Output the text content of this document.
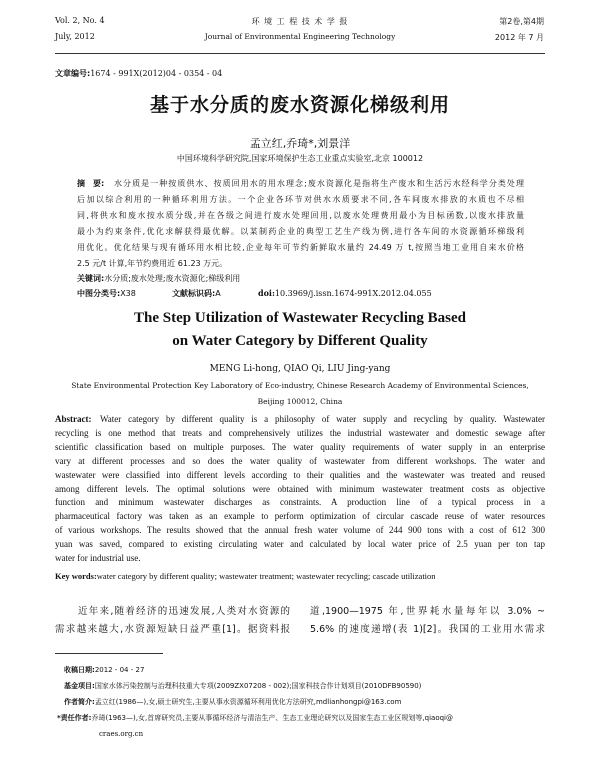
Vol. 2, No. 4
July, 2012
环 境 工 程 技 术 学 报
Journal of Environmental Engineering Technology
第2卷,第4期
2012 年 7 月
文章编号:1674 - 991X(2012)04 - 0354 - 04
基于水分质的废水资源化梯级利用
孟立红,乔琦*,刘景洋
中国环境科学研究院,国家环境保护生态工业重点实验室,北京 100012
摘　要: 水分质是一种按质供水、按质回用水的用水理念;废水资源化是指将生产废水和生活污水经科学分类处理
后加以综合利用的一种循环利用方法。一个企业各环节对供水水质要求不同,各车间废水排放的水质也不尽相
同,将供水和废水按水质分级,并在各级之间进行废水处理回用,以废水处理费用最小为目标函数,以废水排放量
最小为约束条件,优化求解获得最优解。以某制药企业的典型工艺生产线为例,进行各车间的水资源循环梯级利
用优化。优化结果与现有循环用水相比较,企业每年可节约新鲜取水量约 24.49 万 t,按照当地工业用自来水价格
2.5 元/t 计算,年节约费用近 61.23 万元。
关键词:水分质;废水处理;废水资源化;梯级利用
中图分类号:X38	文献标识码:A	doi:10.3969/j.issn.1674-991X.2012.04.055
The Step Utilization of Wastewater Recycling Based
on Water Category by Different Quality
MENG Li-hong, QIAO Qi, LIU Jing-yang
State Environmental Protection Key Laboratory of Eco-industry, Chinese Research Academy of Environmental Sciences,
Beijing 100012, China
Abstract: Water category by different quality is a philosophy of water supply and recycling by quality. Wastewater
recycling is one method that treats and comprehensively utilizes the industrial wastewater and domestic sewage after
scientific classification based on multiple purposes. The water quality requirements of water supply in an enterprise
vary at different processes and so does the water quality of wastewater from different workshops. The water and
wastewater were classified into different levels according to their qualities and the wastewater was treated and reused
among different levels. The optimal solutions were obtained with minimum wastewater treatment costs as objective
function and minimum wastewater discharges as constraints. A production line of a typical process in a
pharmaceutical factory was taken as an example to perform optimization of circular cascade reuse of water resources
of various workshops. The results showed that the annual fresh water volume of 244 900 tons with a cost of 612 300
yuan was saved, compared to existing circulating water and calculated by local water price of 2.5 yuan per ton tap
water for industrial use.
Key words:water category by different quality; wastewater treatment; wastewater recycling; cascade utilization
近年来,随着经济的迅速发展,人类对水资源的
需求越来越大,水资源短缺日益严重[1]。据资料报
道,1900—1975 年,世界耗水量每年以 3.0% ~
5.6% 的速度递增(表 1)[2]。我国的工业用水需求
收稿日期:2012 - 04 - 27
基金项目:国家水体污染控制与治理科技重大专项(2009ZX07208 - 002);国家科技合作计划项目(2010DFB90590)
作者简介:孟立红(1986—),女,硕士研究生,主要从事水资源循环利用优化方法研究,mdlianhongpi@163.com
*责任作者:乔琦(1963—),女,首席研究员,主要从事循环经济与清洁生产、生态工业理论研究以及国家生态工业区规划等,qiaoqi@
craes.org.cn
